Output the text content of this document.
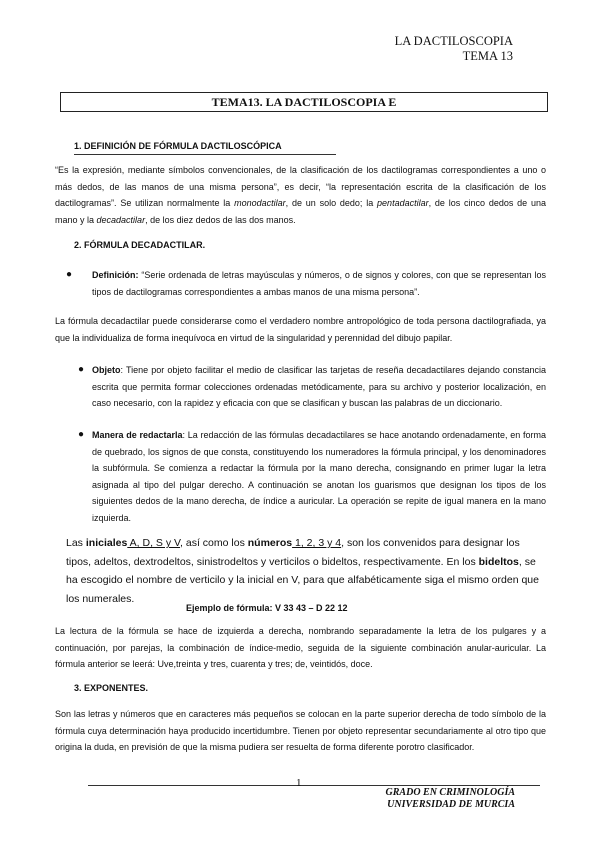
LA DACTILOSCOPIA
TEMA 13
TEMA13. LA DACTILOSCOPIA E
1. DEFINICIÓN DE FÓRMULA DACTILOSCÓPICA

“Es la expresión, mediante símbolos convencionales, de la clasificación de los dactilogramas correspondientes a uno o más dedos, de las manos de una misma persona”, es decir, “la representación escrita de la clasificación de los dactilogramas”. Se utilizan normalmente la monodactilar, de un solo dedo; la pentadactilar, de los cinco dedos de una mano y la decadactilar, de los diez dedos de las dos manos.

2. FÓRMULA DECADACTILAR.
● Definición: “Serie ordenada de letras mayúsculas y números, o de signos y colores, con que se representan los tipos de dactilogramas correspondientes a ambas manos de una misma persona”.

La fórmula decadactilar puede considerarse como el verdadero nombre antropológico de toda persona dactilografiada, ya que la individualiza de forma inequívoca en virtud de la singularidad y perennidad del dibujo papilar.

● Objeto: Tiene por objeto facilitar el medio de clasificar las tarjetas de reseña decadactilares dejando constancia escrita que permita formar colecciones ordenadas metódicamente, para su archivo y posterior localización, en caso necesario, con la rapidez y eficacia con que se clasifican y buscan las palabras de un diccionario.

● Manera de redactarla: La redacción de las fórmulas decadactilares se hace anotando ordenadamente, en forma de quebrado, los signos de que consta, constituyendo los numeradores la fórmula principal, y los denominadores la subfórmula. Se comienza a redactar la fórmula por la mano derecha, consignando en primer lugar la letra asignada al tipo del pulgar derecho. A continuación se anotan los guarismos que designan los tipos de los siguientes dedos de la mano derecha, de índice a auricular. La operación se repite de igual manera en la mano izquierda.

Las iniciales A, D, S y V, así como los números 1, 2, 3 y 4, son los convenidos para designar los tipos, adeltos, dextrodeltos, sinistrodeltos y verticilos o bideltos, respectivamente. En los bideltos, se ha escogido el nombre de verticilo y la inicial en V, para que alfabéticamente siga el mismo orden que los numerales.

Ejemplo de fórmula: V 33 43 – D 22 12

La lectura de la fórmula se hace de izquierda a derecha, nombrando separadamente la letra de los pulgares y a continuación, por parejas, la combinación de índice-medio, seguida de la siguiente combinación anular-auricular. La fórmula anterior se leerá: Uve,treinta y tres, cuarenta y tres; de, veintidós, doce.

3. EXPONENTES.

Son las letras y números que en caracteres más pequeños se colocan en la parte superior derecha de todo símbolo de la fórmula cuya determinación haya producido incertidumbre. Tienen por objeto representar secundariamente al otro tipo que origina la duda, en previsión de que la misma pudiera ser resuelta de forma diferente porotro clasificador.

1
GRADO EN CRIMINOLOGÍA
UNIVERSIDAD DE MURCIA
